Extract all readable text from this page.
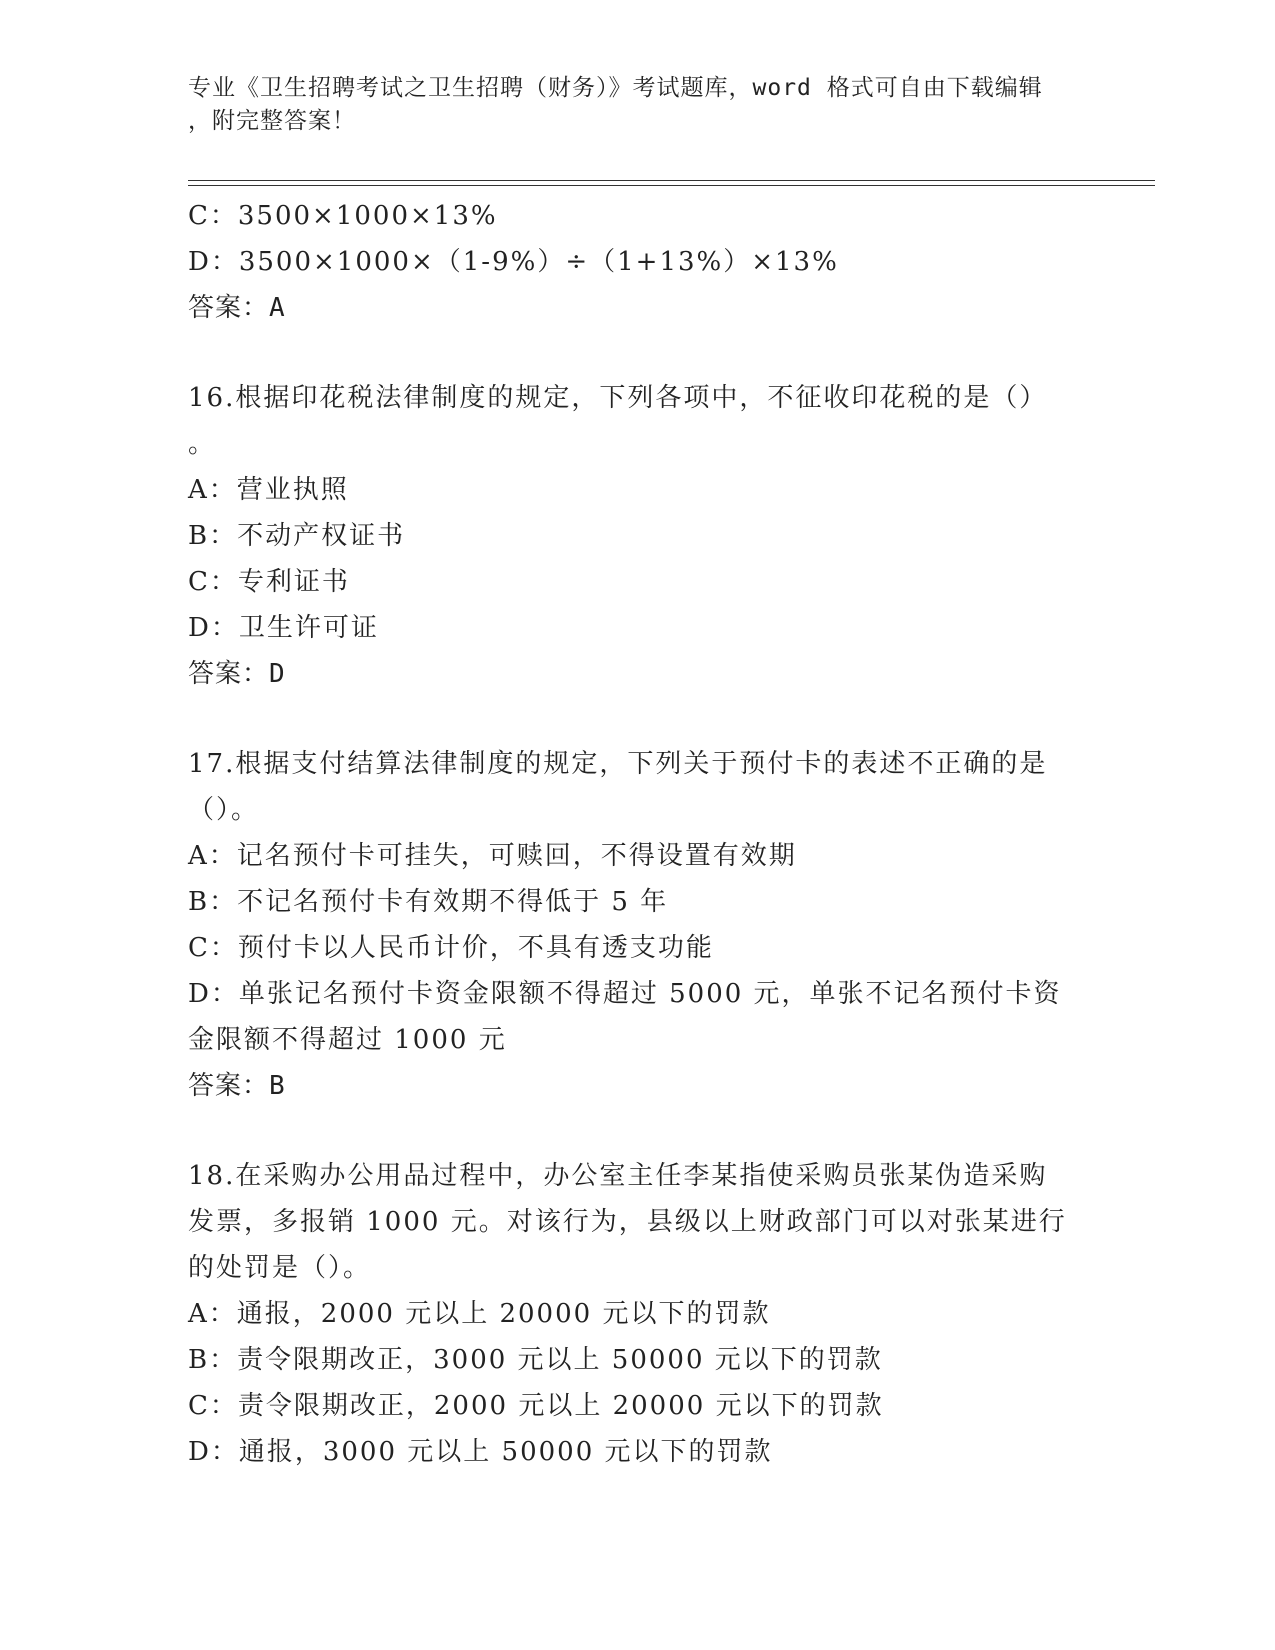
专业《卫生招聘考试之卫生招聘（财务）》考试题库，word 格式可自由下载编辑
，附完整答案！
C：3500×1000×13%
D：3500×1000×（1-9%）÷（1+13%）×13%
答案：A
16.根据印花税法律制度的规定，下列各项中，不征收印花税的是（）
。
A：营业执照
B：不动产权证书
C：专利证书
D：卫生许可证
答案：D
17.根据支付结算法律制度的规定，下列关于预付卡的表述不正确的是
（）。
A：记名预付卡可挂失，可赎回，不得设置有效期
B：不记名预付卡有效期不得低于 5 年
C：预付卡以人民币计价，不具有透支功能
D：单张记名预付卡资金限额不得超过 5000 元，单张不记名预付卡资
金限额不得超过 1000 元
答案：B
18.在采购办公用品过程中，办公室主任李某指使采购员张某伪造采购
发票，多报销 1000 元。对该行为，县级以上财政部门可以对张某进行
的处罚是（）。
A：通报，2000 元以上 20000 元以下的罚款
B：责令限期改正，3000 元以上 50000 元以下的罚款
C：责令限期改正，2000 元以上 20000 元以下的罚款
D：通报，3000 元以上 50000 元以下的罚款
